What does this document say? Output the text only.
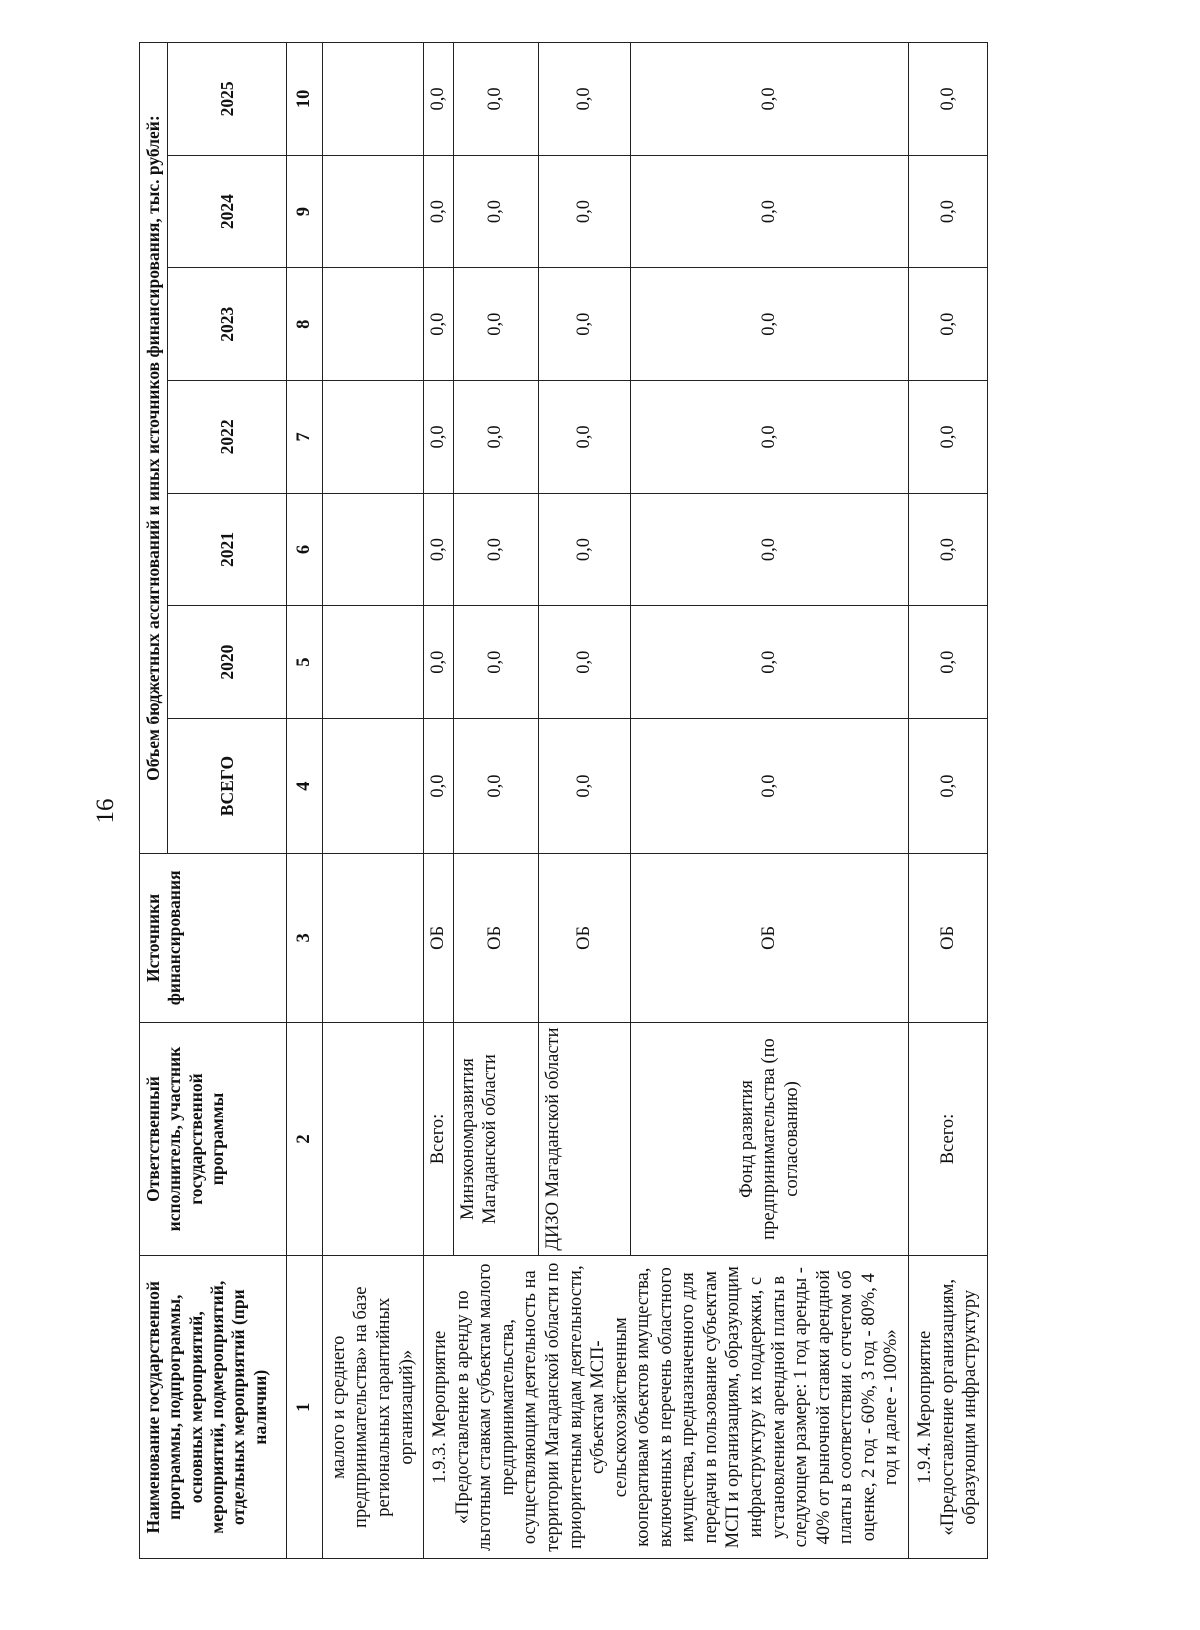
16
Наименование государственной программы, подпрограммы, основных мероприятий, мероприятий, подмероприятий, отдельных мероприятий (при наличии)	Ответственный исполнитель, участник государственной программы	Источники финансирования	Объем бюджетных ассигнований и иных источников финансирования, тыс. рублей:						
			ВСЕГО	2020	2021	2022	2023	2024	2025
1	2	3	4	5	6	7	8	9	10
малого и среднего предпринимательства» на базе региональных гарантийных организаций)»									
1.9.3. Мероприятие «Предоставление в аренду по льготным ставкам субъектам малого предпринимательства, осуществляющим деятельность на территории Магаданской области по приоритетным видам деятельности, субъектам МСП-сельскохозяйственным кооперативам объектов имущества, включенных в перечень областного имущества, предназначенного для передачи в пользование субъектам МСП и организациям, образующим инфраструктуру их поддержки, с установлением арендной платы в следующем размере: 1 год аренды - 40% от рыночной ставки арендной платы в соответствии с отчетом об оценке, 2 год - 60%, 3 год - 80%, 4 год и далее - 100%»	Всего:	ОБ	0,0	0,0	0,0	0,0	0,0	0,0	0,0
	Минэкономразвития Магаданской области	ОБ	0,0	0,0	0,0	0,0	0,0	0,0	0,0
	ДИЗО Магаданской области	ОБ	0,0	0,0	0,0	0,0	0,0	0,0	0,0
	Фонд развития предпринимательства (по согласованию)	ОБ	0,0	0,0	0,0	0,0	0,0	0,0	0,0
1.9.4. Мероприятие «Предоставление организациям, образующим инфраструктуру	Всего:	ОБ	0,0	0,0	0,0	0,0	0,0	0,0	0,0
